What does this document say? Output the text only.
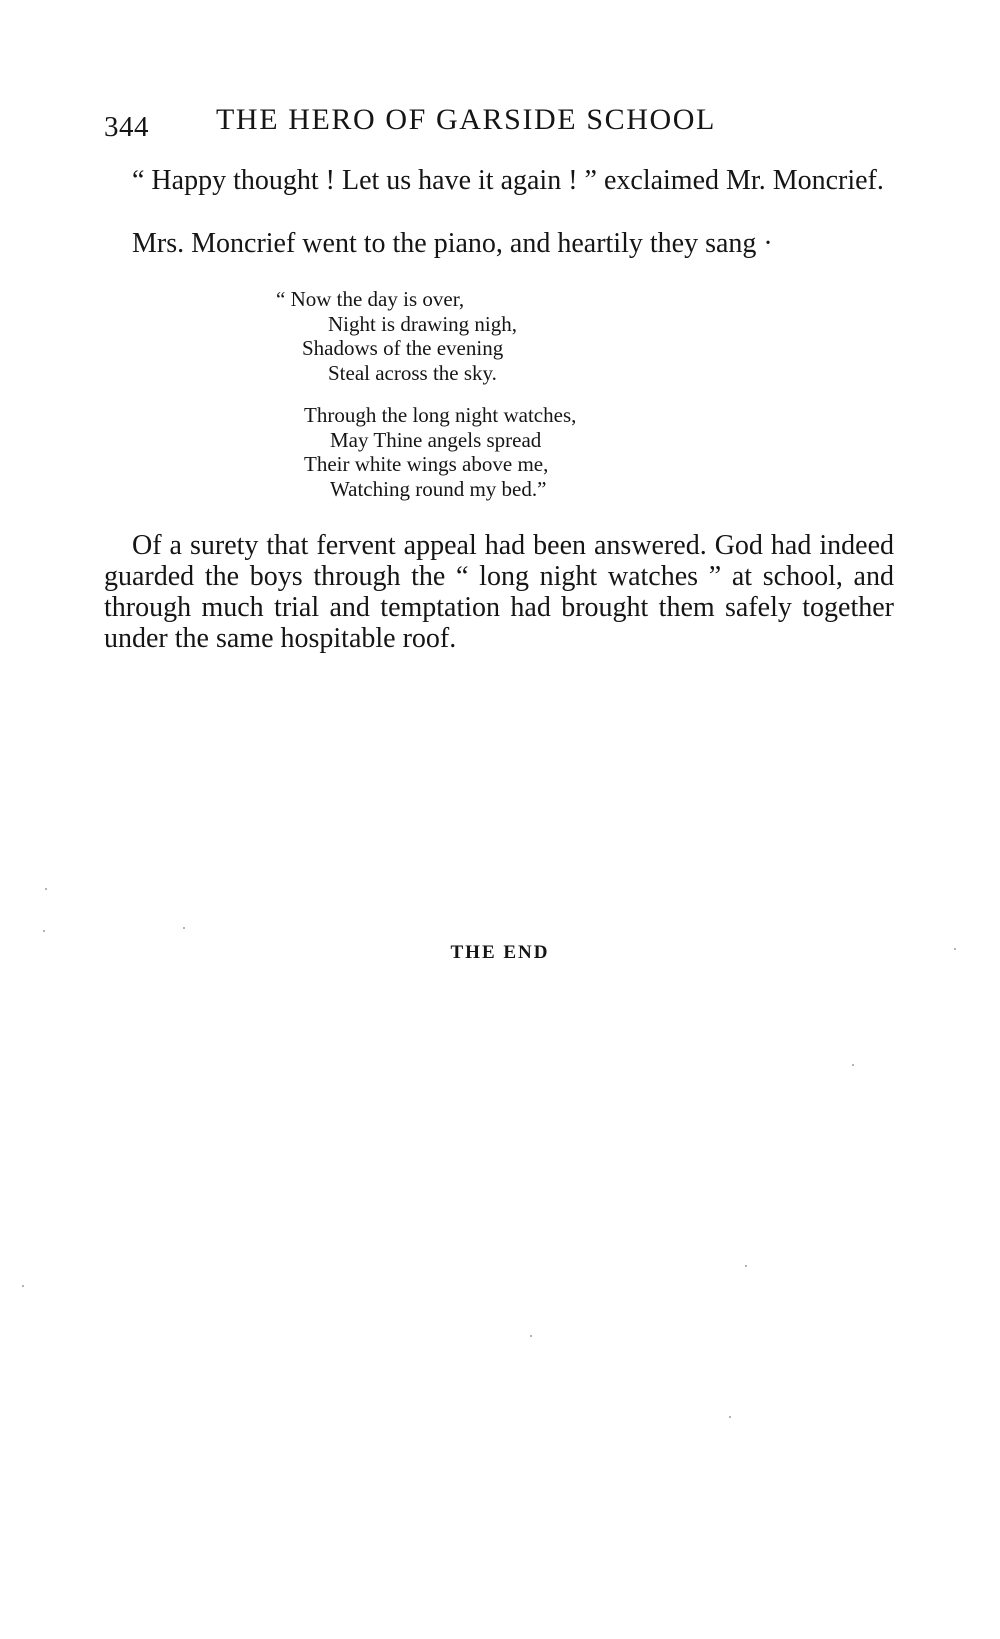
344 THE HERO OF GARSIDE SCHOOL

“ Happy thought ! Let us have it again ! ” exclaimed Mr. Moncrief.

Mrs. Moncrief went to the piano, and heartily they sang ·

“ Now the day is over,
Night is drawing nigh,
Shadows of the evening
Steal across the sky.
Through the long night watches,
May Thine angels spread
Their white wings above me,
Watching round my bed.”

Of a surety that fervent appeal had been answered. God had indeed guarded the boys through the “ long night watches ” at school, and through much trial and temptation had brought them safely together under the same hospitable roof.

THE END
